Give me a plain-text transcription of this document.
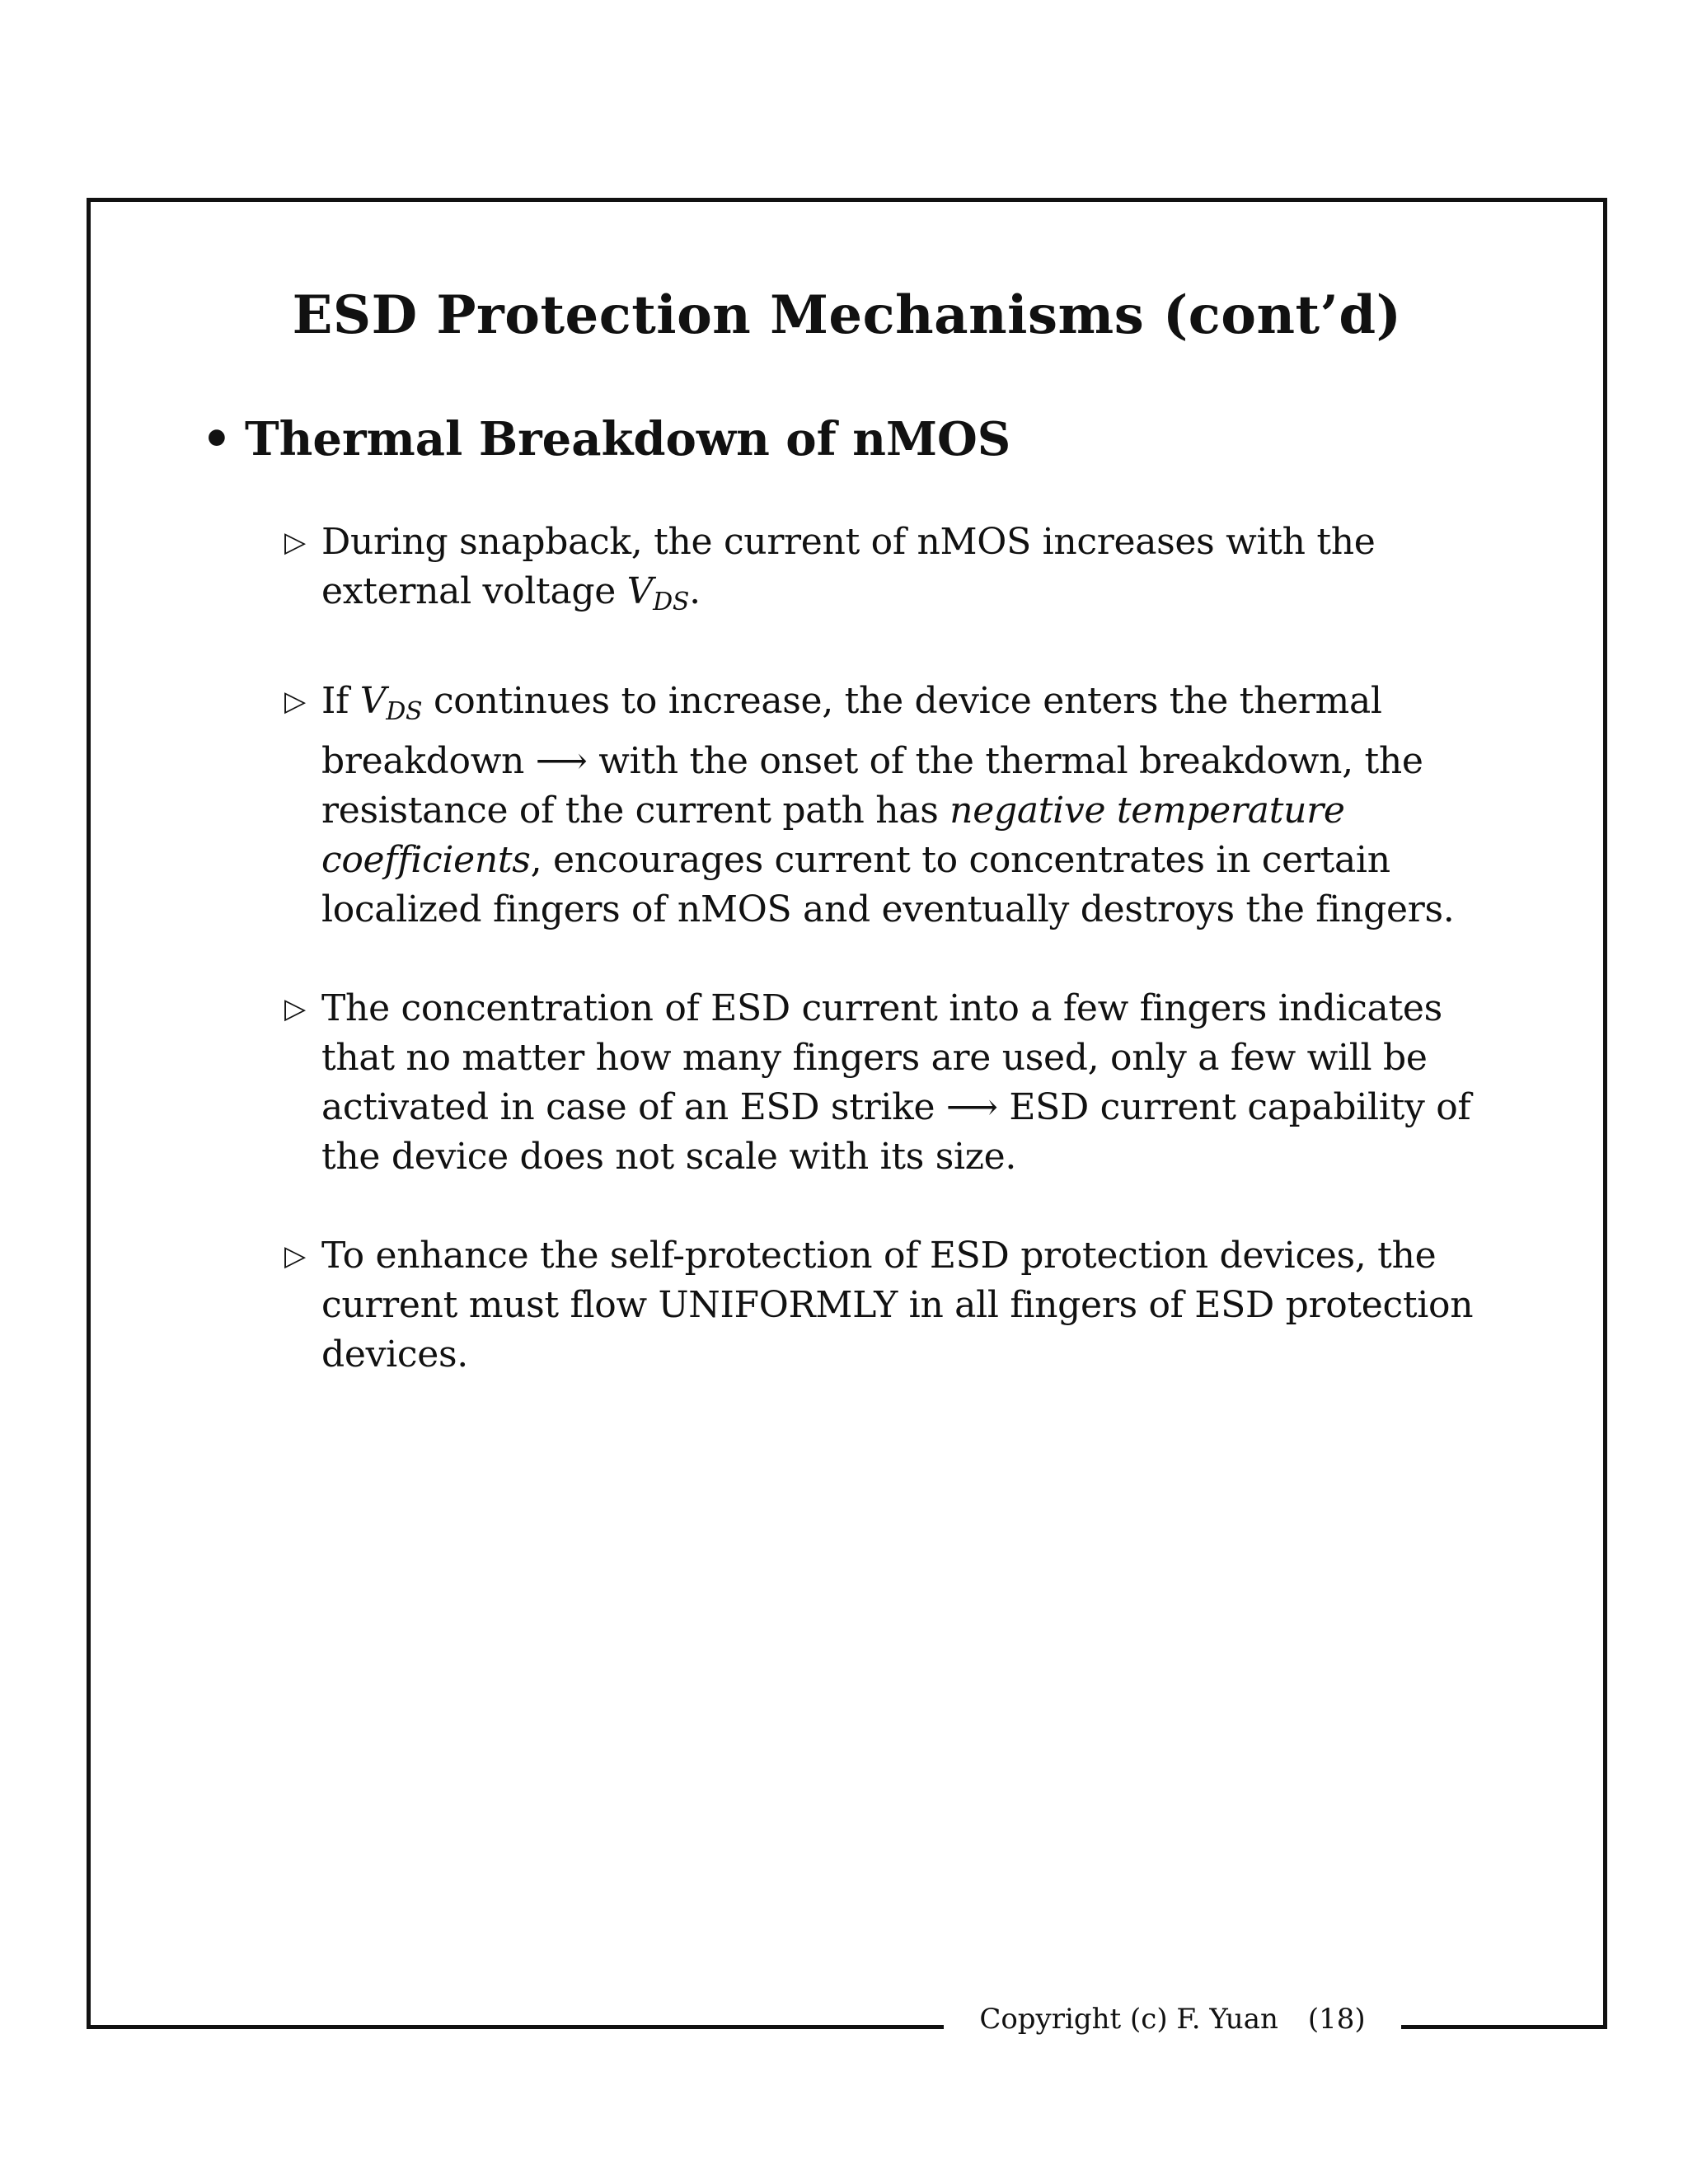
ESD Protection Mechanisms (cont’d)
• Thermal Breakdown of nMOS
▷ During snapback, the current of nMOS increases with the external voltage $V_{DS}$.
▷ If $V_{DS}$ continues to increase, the device enters the thermal breakdown ⟶ with the onset of the thermal breakdown, the resistance of the current path has negative temperature coefficients, encourages current to concentrates in certain localized fingers of nMOS and eventually destroys the fingers.
▷ The concentration of ESD current into a few fingers indicates that no matter how many fingers are used, only a few will be activated in case of an ESD strike ⟶ ESD current capability of the device does not scale with its size.
▷ To enhance the self-protection of ESD protection devices, the current must flow UNIFORMLY in all fingers of ESD protection devices.
Copyright (c) F. Yuan (18)
